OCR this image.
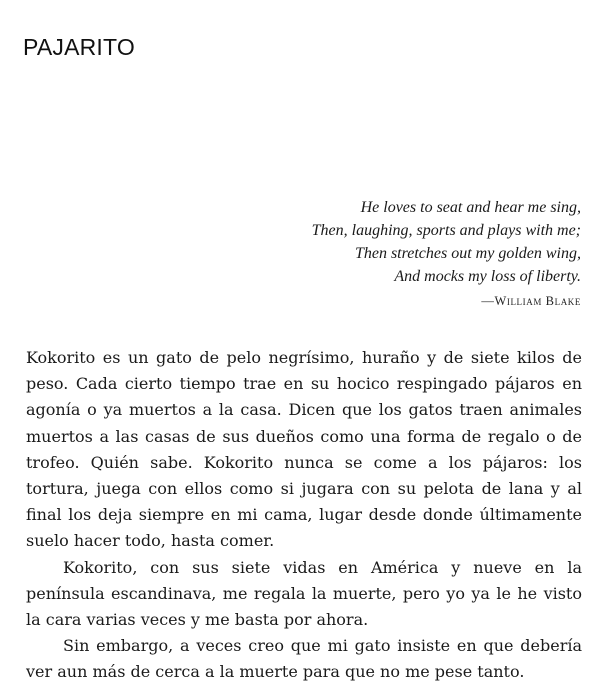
PAJARITO
He loves to seat and hear me sing,
Then, laughing, sports and plays with me;
Then stretches out my golden wing,
And mocks my loss of liberty.
—William Blake

Kokorito es un gato de pelo negrísimo, huraño y de siete kilos de peso. Cada cierto tiempo trae en su hocico respingado pájaros en agonía o ya muertos a la casa. Dicen que los gatos traen animales muertos a las casas de sus dueños como una forma de regalo o de trofeo. Quién sabe. Kokorito nunca se come a los pájaros: los tortura, juega con ellos como si jugara con su pelota de lana y al final los deja siempre en mi cama, lugar desde donde últimamente suelo hacer todo, hasta comer.

Kokorito, con sus siete vidas en América y nueve en la península escandinava, me regala la muerte, pero yo ya le he visto la cara varias veces y me basta por ahora.

Sin embargo, a veces creo que mi gato insiste en que debería ver aun más de cerca a la muerte para que no me pese tanto.
